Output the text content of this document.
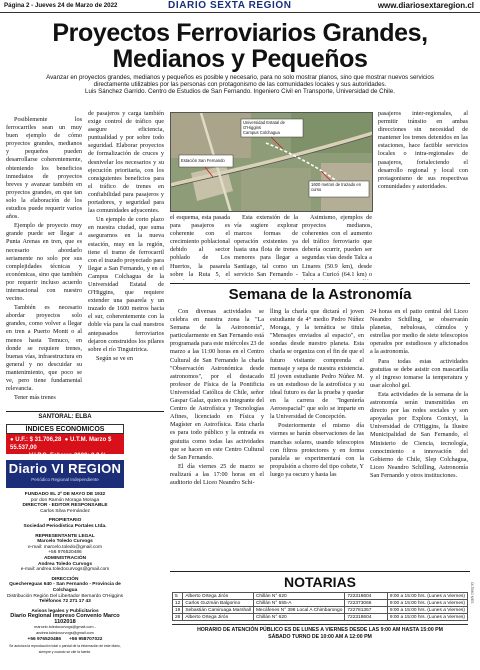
Página 2 - Jueves 24 de Marzo de 2022	DIARIO SEXTA REGIÓN	www.diariosextaregion.cl
Proyectos Ferroviarios Grandes,
Medianos y Pequeños
Avanzar en proyectos grandes, medianos y pequeños es posible y necesario, para no solo mostrar planos, sino que mostrar nuevos servicios
directamente utilizables por las personas con protagonismo de las comunidades locales y sus autoridades.
Luis Sánchez Garrido. Centro de Estudios de San Fernando. Ingeniero Civil en Transporte, Universidad de Chile.

Posiblemente los ferrocarriles sean un muy buen ejemplo de cómo proyectos grandes, medianos y pequeños pueden desarrollarse coherentemente, obteniendo los beneficios inmediatos de proyectos breves y avanzar también en proyectos grandes, en que tan solo la elaboración de los estudios puede requerir varios años.

Ejemplo de proyecto muy grande puede ser llegar a Punta Arenas en tren, que es necesario abordarlo seriamente no solo por sus complejidades técnicas y económicas, sino que también por requerir incluso acuerdo internacional con nuestro vecino.

También es necesario abordar proyectos solo grandes, como volver a llegar en tren a Puerto Montt o al menos hasta Temuco, en donde se requiere trenes, buenas vías, infraestructura en general y no descuidar su mantenimiento, que poco se ve, pero tiene fundamental relevancia.

Tener más trenes

de pasajeros y carga también exige control de tráfico que asegure eficiencia, puntualidad y por sobre todo seguridad. Elaborar proyectos de formalización de cruces y desnivelar los necesarios y su ejecución prioritaria, con los consiguientes beneficios para el tráfico de trenes en confiabilidad para pasajeros y portadores, y seguridad para las comunidades adyacentes.

Un ejemplo de corto plazo en nuestra ciudad, que suma asegurarnos en la nueva estación, muy en la región, tiene el tramo de ferrocarril con el trazado proyectado para llegar a San Fernando, y en el Campus Colchagua de la Universidad Estatal de O'Higgins, que requiere extender una pasarela y un trazado de 1600 metros hacia el sur, coherentemente con la doble vía para la cual nuestros antepasados ferroviarios dejaron construidos los pilares sobre el río Tinguiririca.

Según se ve en

Universidad Estatal de O'Higgins
Campus Colchagua
Estación San Fernando
1600 metros de trazado en curso

el esquema, esta pasada para pasajeros es coherente con el crecimiento poblacional debido al sector poblado de Los Huertos, la pasarela sobre la Ruta 5, el

Esta extensión de la vía sugiere explorar marcos formas de operación existentes ya hasta una flota de trenes menores para llegar a Santiago, tal como un servicio San Fernando -

Asimismo, ejemplos de proyectos medianos, coherentes con el aumento del tráfico ferroviario que debería ocurrir, pueden ser segundas vías desde Talca a Linares (50.9 km), desde Talca a Curicó (64.1 km) o

pasajeros inter-regionales, al permitir tránsito en ambas direcciones sin necesidad de mantener los trenes detenidos en las estaciones, hace factible servicios locales o intra-regionales de pasajeros, fortaleciendo el desarrollo regional y local con protagonismo de sus respectivas comunidades y autoridades.

Semana de la Astronomía

Con diversas actividades se celebra en nuestra zona la "La Semana de la Astronomía", particularmente en San Fernando está programada para este miércoles 23 de marzo a las 11:00 horas en el Centro Cultural de San Fernando la charla "Observación Astronómica desde astronomos", por el destacado profesor de Física de la Pontificia Universidad Católica de Chile, señor Gaspar Galaz, quien es integrante del Centro de Astrofísica y Tecnologías Afines, licenciado en Física y Magíster en Astrofísica. Esta charla es para todo público y la entrada es gratuita como todas las actividades que se hacen en este Centro Cultural de San Fernando.

El día viernes 25 de marzo se realizará a las 17:00 horas en el auditorio del Liceo Neandro Schi-

lling la charla que dictará el joven estudiante de 4° medio Pedro Núñez Moraga, y la temática se titula "Mensajes enviados al espacio", en sondas desde nuestro planeta. Esta charla se organiza con el fin de que el futuro visitante comprenda el mensaje y sepa de nuestra existencia. El joven estudiante Pedro Núñez M. es un estudioso de la astrofísica y su ideal futuro es dar la prueba y quedar en la carrera de "Ingeniería Aeroespacial" que solo se imparte en la Universidad de Concepción.

Posteriormente el mismo día viernes se harán observaciones de las manchas solares, usando telescopios con filtros protectores y en forma paralela se experimentará con la propulsión a chorro del tipo cohete, Y luego ya oscuro y hasta las

24 horas en el patio central del Liceo Neandro Schilling, se observarán planetas, nebulosas, cúmulos y estrellas por medio de siete telescopios operados por estudiosos y aficionados a la astronomía.

Para todas estas actividades gratuitas se debe asistir con mascarilla y el ingreso tomarse la temperatura y usar alcohol gel.

Esta actividades de la semana de la astronomía serán transmitidas en directo por las redes sociales y son apoyadas por Explora Conicyt, la Universidad de O'Higgins, la Ilustre Municipalidad de San Fernando, el Ministerio de Ciencia, tecnología, conocimiento e innovación del Gobierno de Chile, Slep Colchagua, Liceo Neandro Schilling, Astronomía San Fernando y otros instituciones.

SANTORAL: ELBA
ÍNDICES ECONÓMICOS
● U.F.: $ 31.706,28 ● U.T.M. Marzo $ 55.537,00
● V.I.P.C. Febrero 2022: 0,3 %
Diario VI REGION
Periódico Regional Independiente
FUNDADO EL 2º DE MAYO DE 1932
por don Ramón Moraga Moraga
DIRECTOR - EDITOR RESPONSABLE
Carlos Silva Fernández
PROPIETARIO
Sociedad Periodística Portales Ltda.
REPRESENTANTE LEGAL
Marcelo Toledo Curvogs
e-mail: marcelo.toledo@gmail.com
+56 976520486
ADMINISTRACIÓN
Andrea Toledo Curvogs
e-mail: andrea.toledocurvogs@gmail.com
DIRECCIÓN
Quechereguas 640 - San Fernando - Provincia de Colchagua
Distribución Región Del Libertador Bernardo O'Higgins
Teléfonos 72 271 17 43
Avisos legales y Publicitarios
Diario Regional impreso Convenio Marco 1102018
marcelo.toledocurvogs@gmail.com - andrea.toledocurvogs@gmail.com
+56 976520486 +56 958707022
Se autoriza la reproducción total o parcial de la información de este diario, siempre y cuando se cite la fuente.
NOTARIAS
5	Alberto Ortega Jirón	Chillán N° 620	722318604	9:00 a 15:00 hrs. (Lunes a Viernes)
12	Carlos Guzmán Balgorino	Chillán N° 555-A	722373066	9:00 a 15:00 hrs. (Lunes a Viernes)
19	Sebastián Camiruaga Marshall	Mecáfenes N° 398 Local A Chimbarongo	722781357	9:00 a 15:00 hrs. (Lunes a Viernes)
26	Alberto Ortega Jirón	Chillán N° 620	722318604	9:00 a 15:00 hrs. (Lunes a Viernes)
HORARIO DE ATENCIÓN PÚBLICO ES DE LUNES A VIERNES DESDE LAS 9:00 AM HASTA 15:00 PM
SÁBADO TURNO DE 10:00 AM A 12:00 PM
ÚLTIMO MES
